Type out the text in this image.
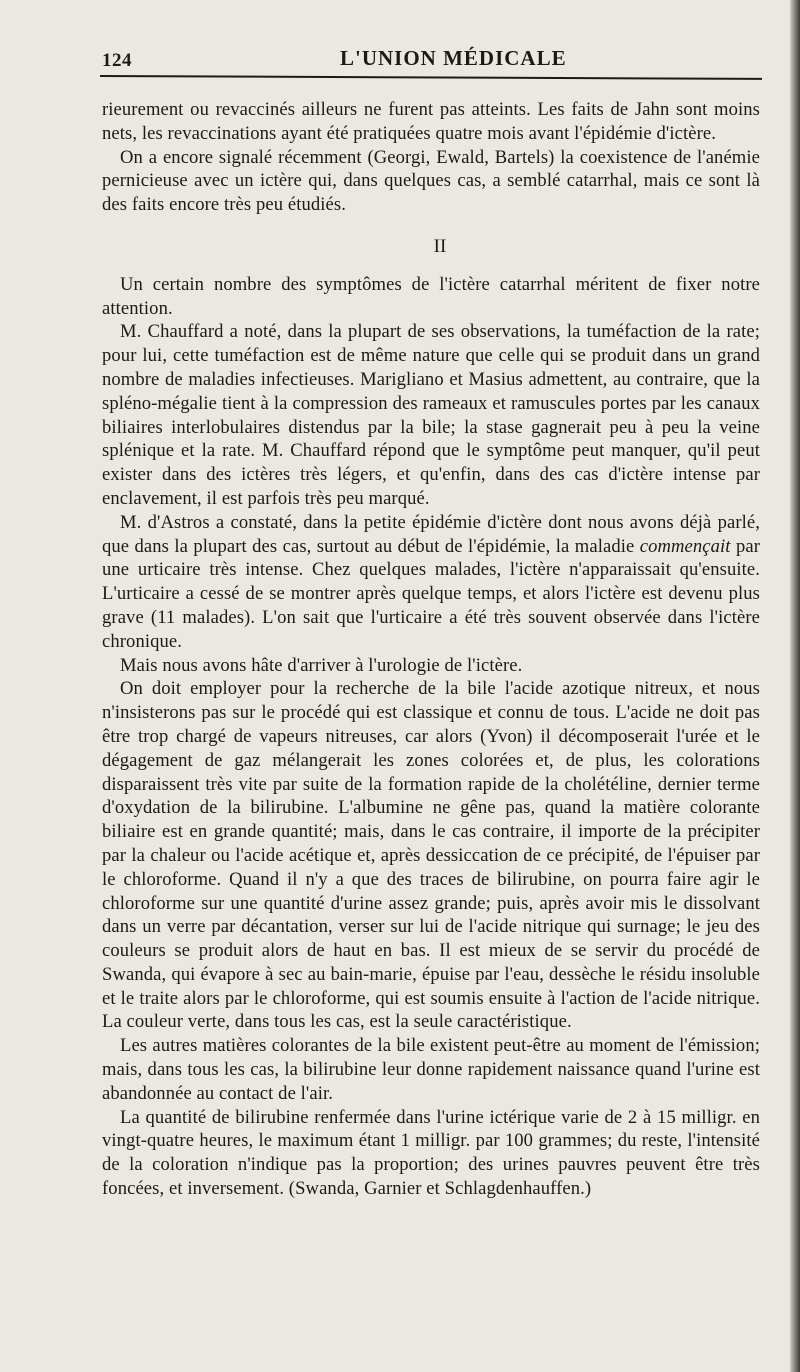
124	L'UNION MÉDICALE

rieurement ou revaccinés ailleurs ne furent pas atteints. Les faits de Jahn sont moins nets, les revaccinations ayant été pratiquées quatre mois avant l'épidémie d'ictère.

On a encore signalé récemment (Georgi, Ewald, Bartels) la coexistence de l'anémie pernicieuse avec un ictère qui, dans quelques cas, a semblé catarrhal, mais ce sont là des faits encore très peu étudiés.

II

Un certain nombre des symptômes de l'ictère catarrhal méritent de fixer notre attention.

M. Chauffard a noté, dans la plupart de ses observations, la tuméfaction de la rate; pour lui, cette tuméfaction est de même nature que celle qui se produit dans un grand nombre de maladies infectieuses. Marigliano et Masius admettent, au contraire, que la spléno-mégalie tient à la compression des rameaux et ramuscules portes par les canaux biliaires interlobulaires distendus par la bile; la stase gagnerait peu à peu la veine splénique et la rate. M. Chauffard répond que le symptôme peut manquer, qu'il peut exister dans des ictères très légers, et qu'enfin, dans des cas d'ictère intense par enclavement, il est parfois très peu marqué.

M. d'Astros a constaté, dans la petite épidémie d'ictère dont nous avons déjà parlé, que dans la plupart des cas, surtout au début de l'épidémie, la maladie commençait par une urticaire très intense. Chez quelques malades, l'ictère n'apparaissait qu'ensuite. L'urticaire a cessé de se montrer après quelque temps, et alors l'ictère est devenu plus grave (11 malades). L'on sait que l'urticaire a été très souvent observée dans l'ictère chronique.

Mais nous avons hâte d'arriver à l'urologie de l'ictère.

On doit employer pour la recherche de la bile l'acide azotique nitreux, et nous n'insisterons pas sur le procédé qui est classique et connu de tous. L'acide ne doit pas être trop chargé de vapeurs nitreuses, car alors (Yvon) il décomposerait l'urée et le dégagement de gaz mélangerait les zones colorées et, de plus, les colorations disparaissent très vite par suite de la formation rapide de la cholétéline, dernier terme d'oxydation de la bilirubine. L'albumine ne gêne pas, quand la matière colorante biliaire est en grande quantité; mais, dans le cas contraire, il importe de la précipiter par la chaleur ou l'acide acétique et, après dessiccation de ce précipité, de l'épuiser par le chloroforme. Quand il n'y a que des traces de bilirubine, on pourra faire agir le chloroforme sur une quantité d'urine assez grande; puis, après avoir mis le dissolvant dans un verre par décantation, verser sur lui de l'acide nitrique qui surnage; le jeu des couleurs se produit alors de haut en bas. Il est mieux de se servir du procédé de Swanda, qui évapore à sec au bain-marie, épuise par l'eau, dessèche le résidu insoluble et le traite alors par le chloroforme, qui est soumis ensuite à l'action de l'acide nitrique. La couleur verte, dans tous les cas, est la seule caractéristique.

Les autres matières colorantes de la bile existent peut-être au moment de l'émission; mais, dans tous les cas, la bilirubine leur donne rapidement naissance quand l'urine est abandonnée au contact de l'air.

La quantité de bilirubine renfermée dans l'urine ictérique varie de 2 à 15 milligr. en vingt-quatre heures, le maximum étant 1 milligr. par 100 grammes; du reste, l'intensité de la coloration n'indique pas la proportion; des urines pauvres peuvent être très foncées, et inversement. (Swanda, Garnier et Schlagdenhauffen.)
